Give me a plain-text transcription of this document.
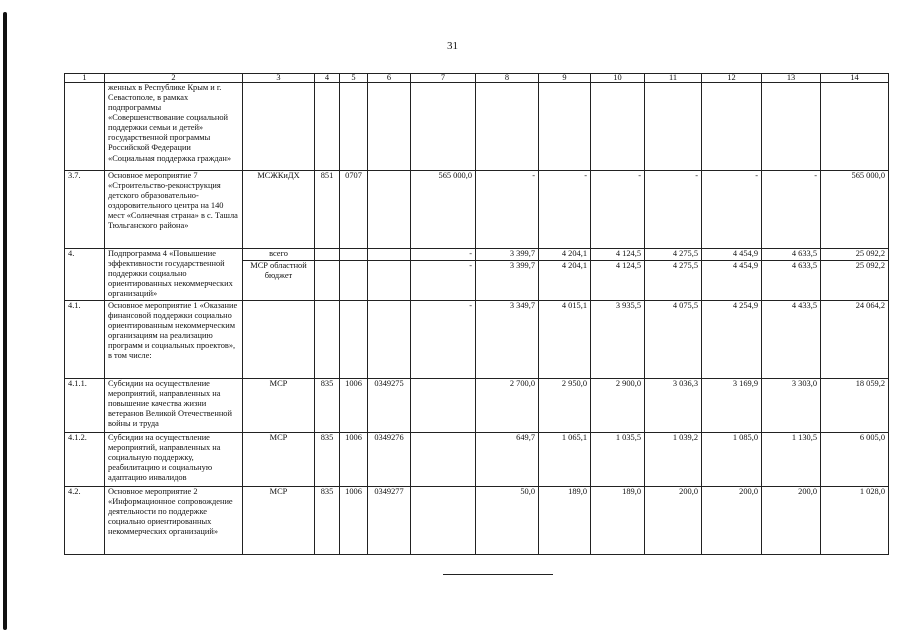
31
1	2	3	4	5	6	7	8	9	10	11	12	13	14
	женных в Республике Крым и г. Севастополе, в рамках подпрограммы «Совершенствование социальной поддержки семьи и детей» государственной программы Российской Федерации «Социальная поддержка граждан»												
3.7.	Основное мероприятие 7 «Строительство-реконструкция детского образовательно-оздоровительного центра на 140 мест «Солнечная страна» в с. Ташла Тюльганского района»	МСЖКиДХ	851	0707		565 000,0	-	-	-	-	-	-	565 000,0
4.	Подпрограмма 4 «Повышение эффективности государственной поддержки социально ориентированных некоммерческих организаций»	всего				-	3 399,7	4 204,1	4 124,5	4 275,5	4 454,9	4 633,5	25 092,2
		МСР областной бюджет				-	3 399,7	4 204,1	4 124,5	4 275,5	4 454,9	4 633,5	25 092,2
4.1.	Основное мероприятие 1 «Оказание финансовой поддержки социально ориентированным некоммерческим организациям на реализацию программ и социальных проектов», в том числе:					-	3 349,7	4 015,1	3 935,5	4 075,5	4 254,9	4 433,5	24 064,2
4.1.1.	Субсидии на осуществление мероприятий, направленных на повышение качества жизни ветеранов Великой Отечественной войны и труда	МСР	835	1006	0349275		2 700,0	2 950,0	2 900,0	3 036,3	3 169,9	3 303,0	18 059,2
4.1.2.	Субсидии на осуществление мероприятий, направленных на социальную поддержку, реабилитацию и социальную адаптацию инвалидов	МСР	835	1006	0349276		649,7	1 065,1	1 035,5	1 039,2	1 085,0	1 130,5	6 005,0
4.2.	Основное мероприятие 2 «Информационное сопровождение деятельности по поддержке социально ориентированных некоммерческих организаций»	МСР	835	1006	0349277		50,0	189,0	189,0	200,0	200,0	200,0	1 028,0
